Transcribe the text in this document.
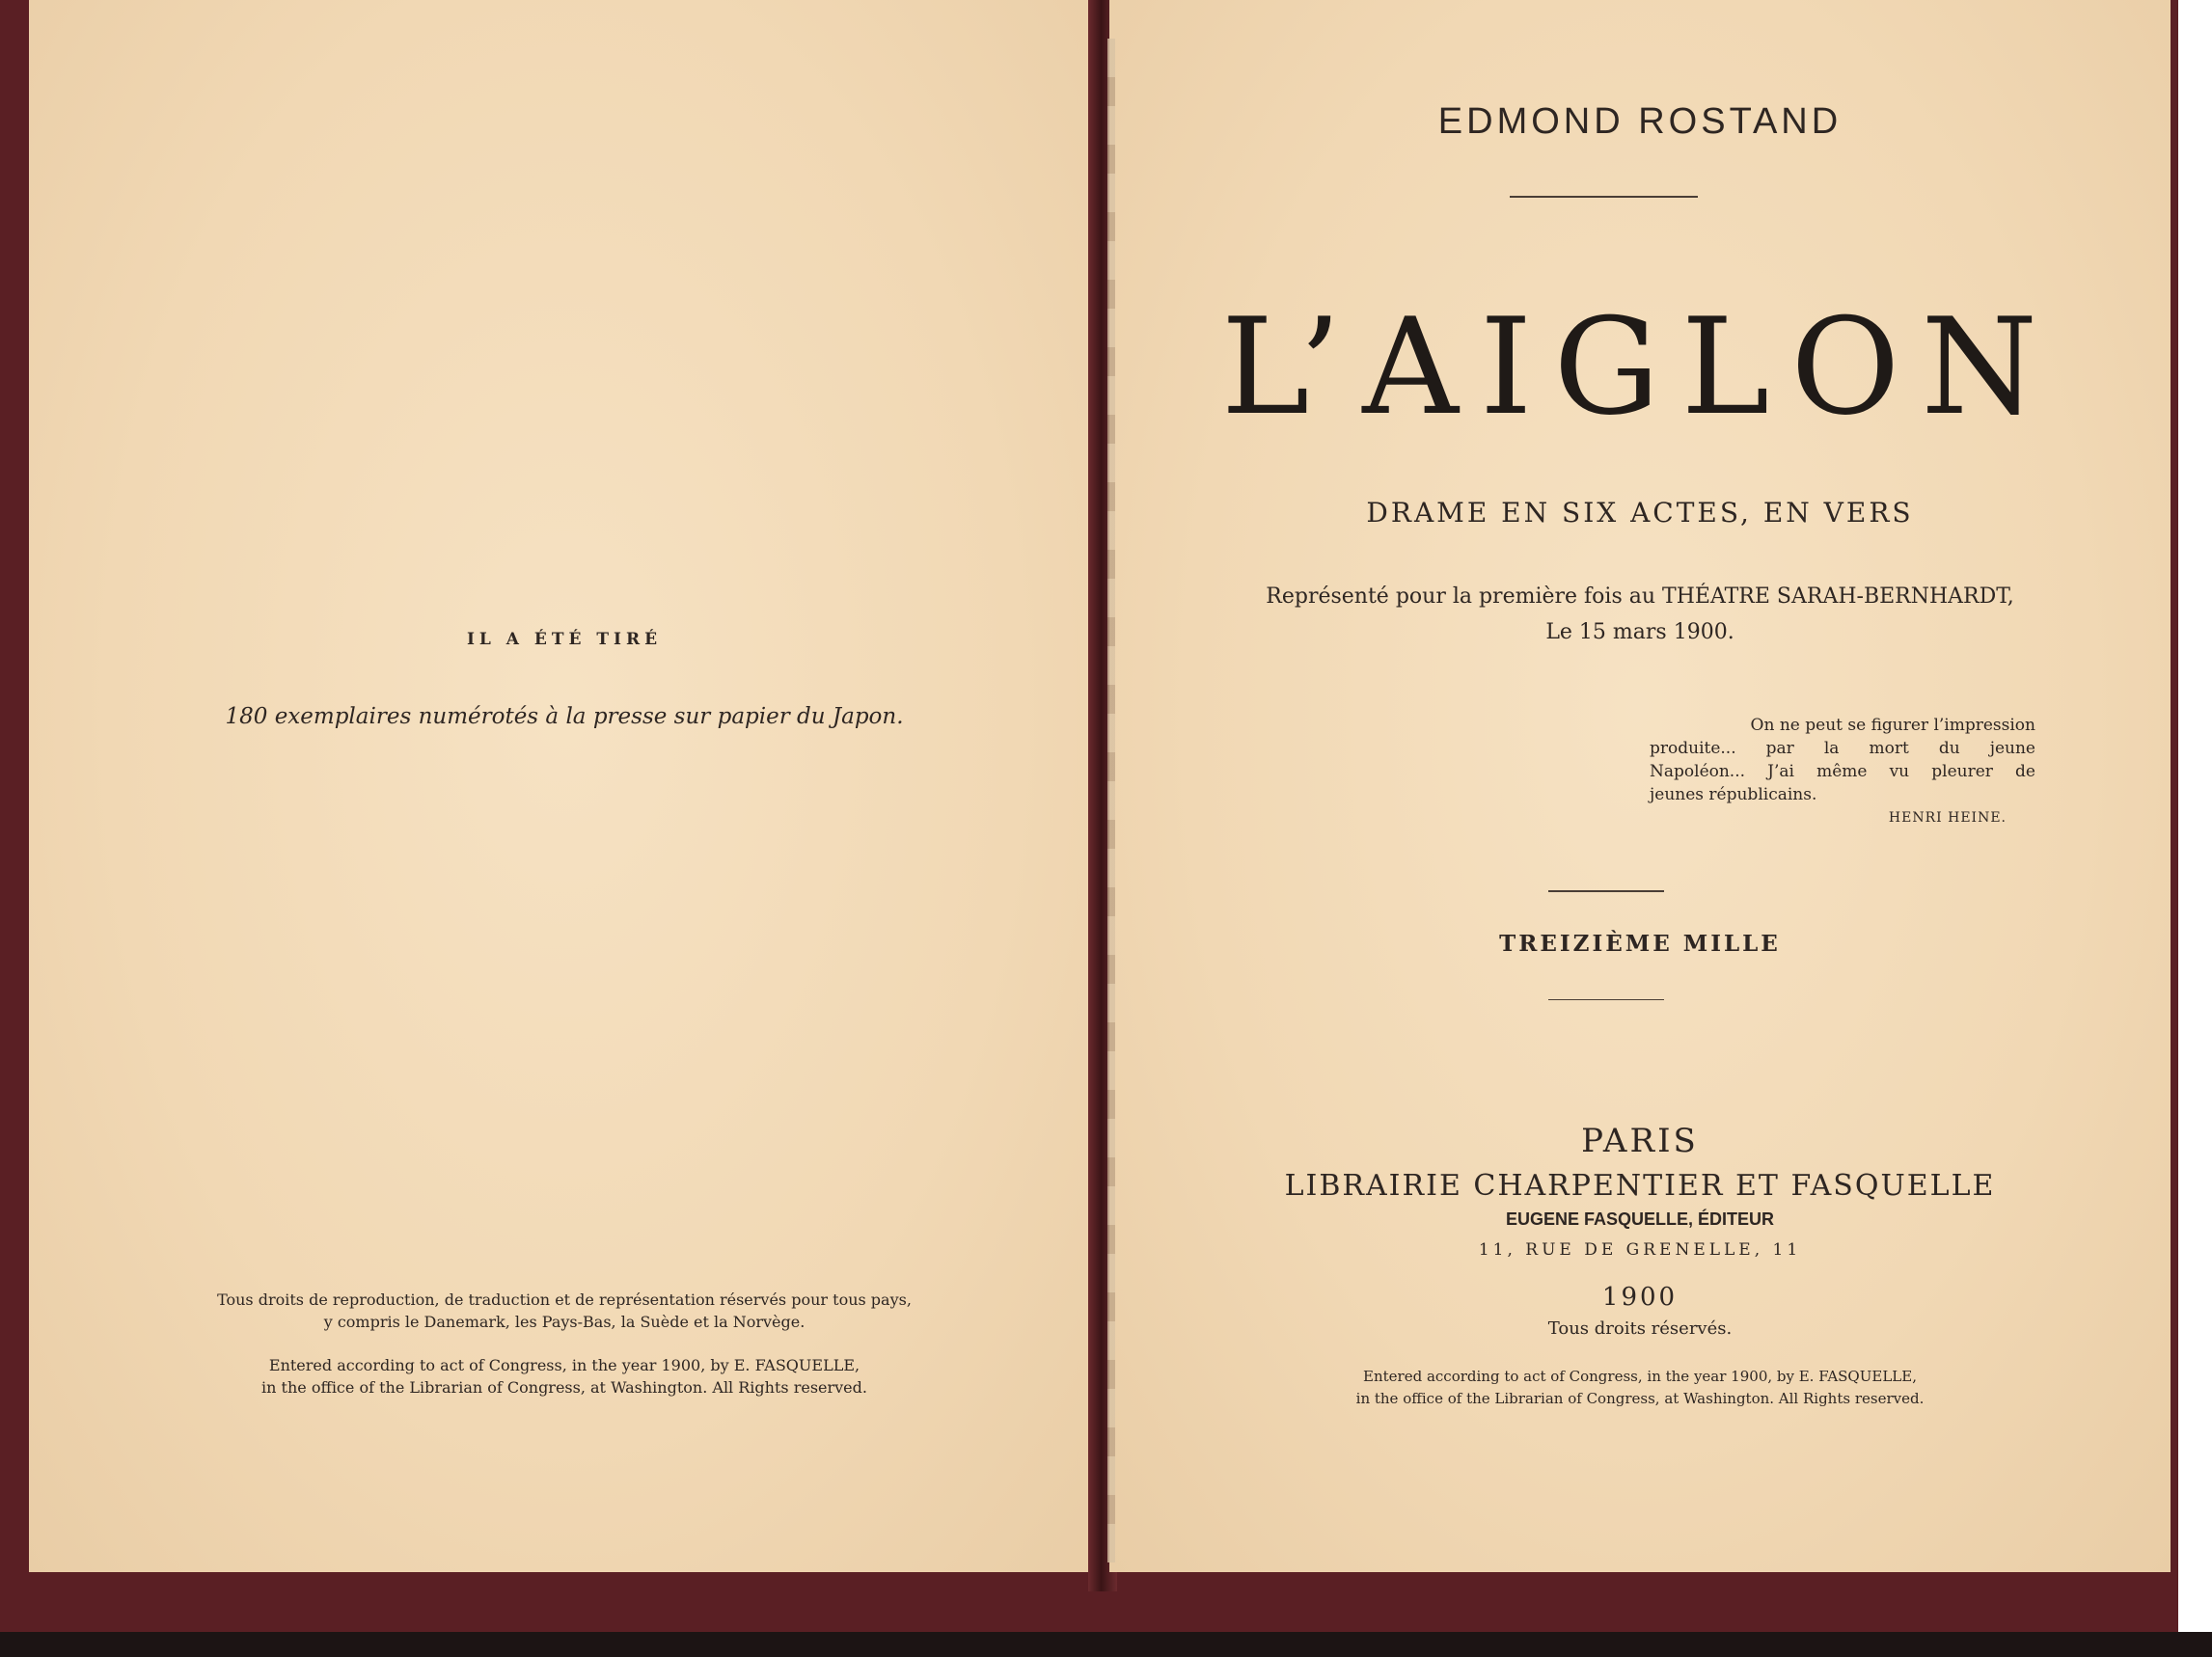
IL A ÉTÉ TIRÉ
180 exemplaires numérotés à la presse sur papier du Japon.
Tous droits de reproduction, de traduction et de représentation réservés pour tous pays,
y compris le Danemark, les Pays-Bas, la Suède et la Norvège.
Entered according to act of Congress, in the year 1900, by E. FASQUELLE,
in the office of the Librarian of Congress, at Washington. All Rights reserved.
EDMOND ROSTAND
L’AIGLON
DRAME EN SIX ACTES, EN VERS
Représenté pour la première fois au THÉATRE SARAH-BERNHARDT,
Le 15 mars 1900.
On ne peut se figurer l’impression
produite... par la mort du jeune
Napoléon... J’ai même vu pleurer de
jeunes républicains.
HENRI HEINE.
TREIZIÈME MILLE
PARIS
LIBRAIRIE CHARPENTIER ET FASQUELLE
EUGENE FASQUELLE, ÉDITEUR
11, RUE DE GRENELLE, 11
1900
Tous droits réservés.
Entered according to act of Congress, in the year 1900, by E. FASQUELLE,
in the office of the Librarian of Congress, at Washington. All Rights reserved.
